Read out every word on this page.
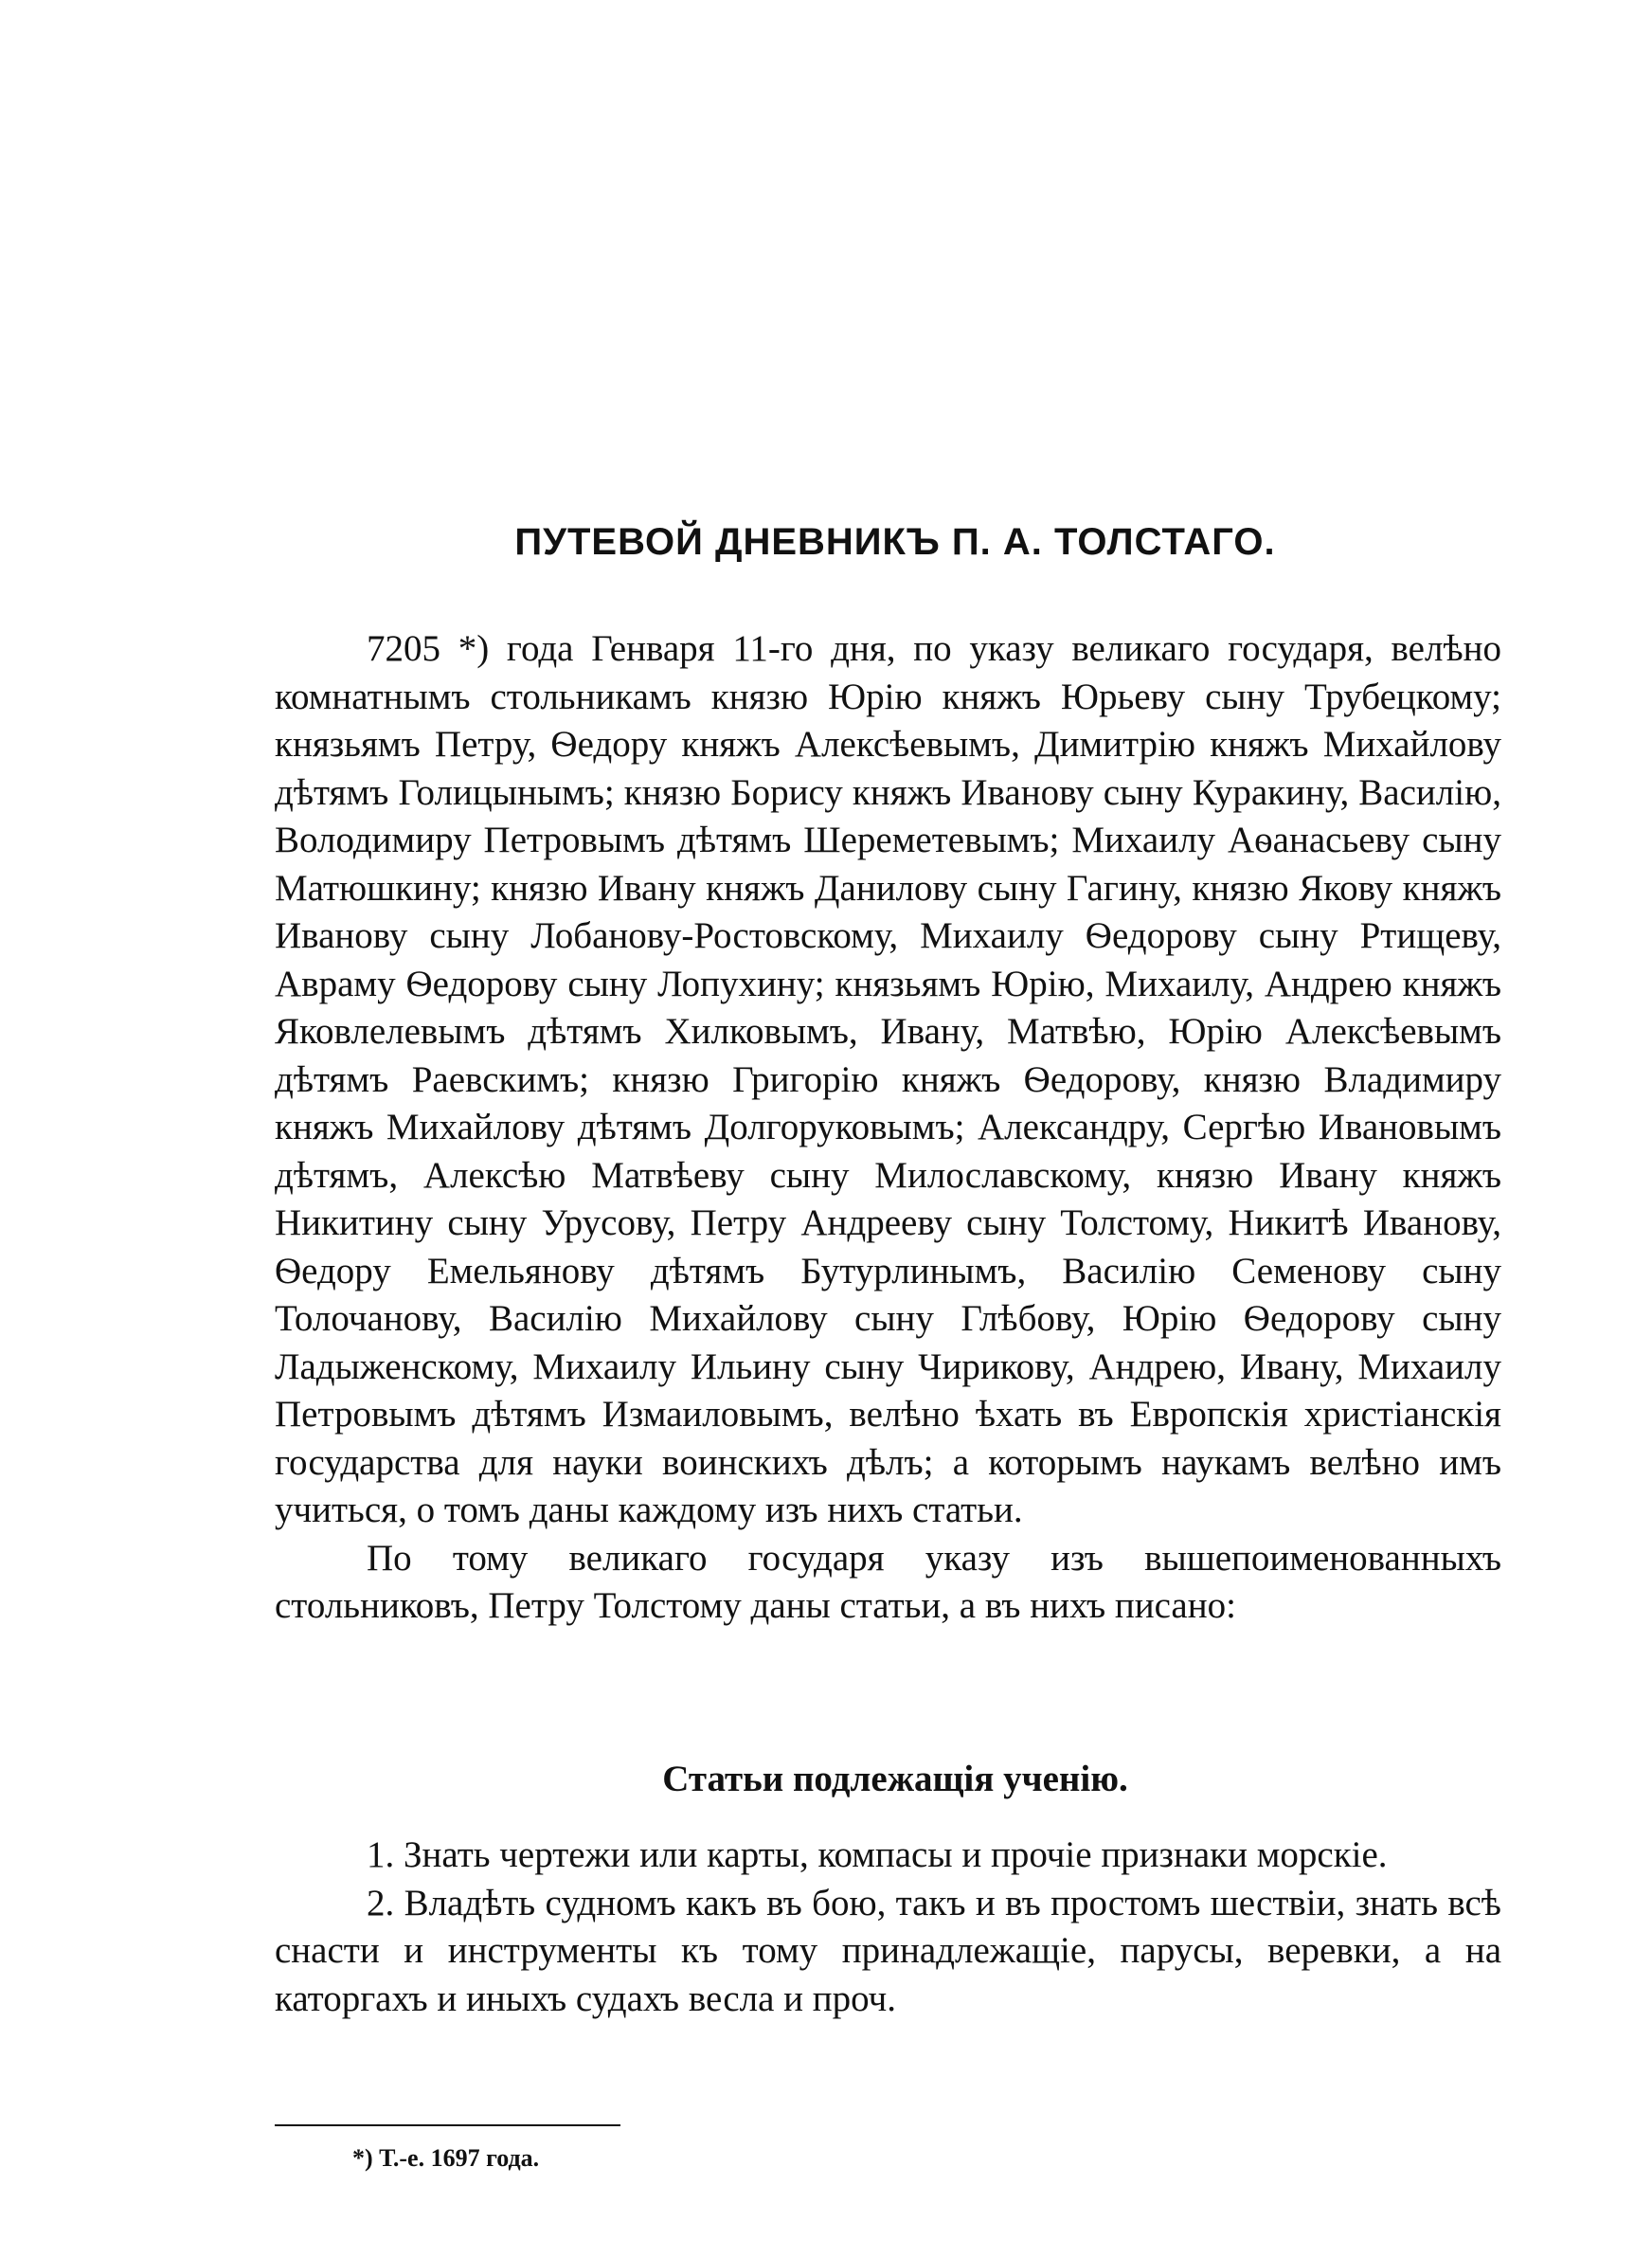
ПУТЕВОЙ ДНЕВНИКЪ П. А. ТОЛСТАГО.

7205 *) года Генваря 11-го дня, по указу великаго государя, велѣно комнатнымъ стольникамъ князю Юрію княжъ Юрьеву сыну Трубецкому; князьямъ Петру, Ѳедору княжъ Алексѣевымъ, Димитрію княжъ Михайлову дѣтямъ Голицынымъ; князю Борису княжъ Иванову сыну Куракину, Василію, Володимиру Петровымъ дѣтямъ Шереметевымъ; Михаилу Аѳанасьеву сыну Матюшкину; князю Ивану княжъ Данилову сыну Гагину, князю Якову княжъ Иванову сыну Лобанову-Ростовскому, Михаилу Ѳедорову сыну Ртищеву, Авраму Ѳедорову сыну Лопухину; князьямъ Юрію, Михаилу, Андрею княжъ Яковлелевымъ дѣтямъ Хилковымъ, Ивану, Матвѣю, Юрію Алексѣевымъ дѣтямъ Раевскимъ; князю Григорію княжъ Ѳедорову, князю Владимиру княжъ Михайлову дѣтямъ Долгоруковымъ; Александру, Сергѣю Ивановымъ дѣтямъ, Алексѣю Матвѣеву сыну Милославскому, князю Ивану княжъ Никитину сыну Урусову, Петру Андрееву сыну Толстому, Никитѣ Иванову, Ѳедору Емельянову дѣтямъ Бутурлинымъ, Василію Семенову сыну Толочанову, Василію Михайлову сыну Глѣбову, Юрію Ѳедорову сыну Ладыженскому, Михаилу Ильину сыну Чирикову, Андрею, Ивану, Михаилу Петровымъ дѣтямъ Измаиловымъ, велѣно ѣхать въ Европскія христіанскія государства для науки воинскихъ дѣлъ; а которымъ наукамъ велѣно имъ учиться, о томъ даны каждому изъ нихъ статьи.

По тому великаго государя указу изъ вышепоименованныхъ стольниковъ, Петру Толстому даны статьи, а въ нихъ писано:

Статьи подлежащія ученію.

1. Знать чертежи или карты, компасы и прочіе признаки морскіе.

2. Владѣть судномъ какъ въ бою, такъ и въ простомъ шествіи, знать всѣ снасти и инструменты къ тому принадлежащіе, парусы, веревки, а на каторгахъ и иныхъ судахъ весла и проч.

*) Т.-е. 1697 года.
